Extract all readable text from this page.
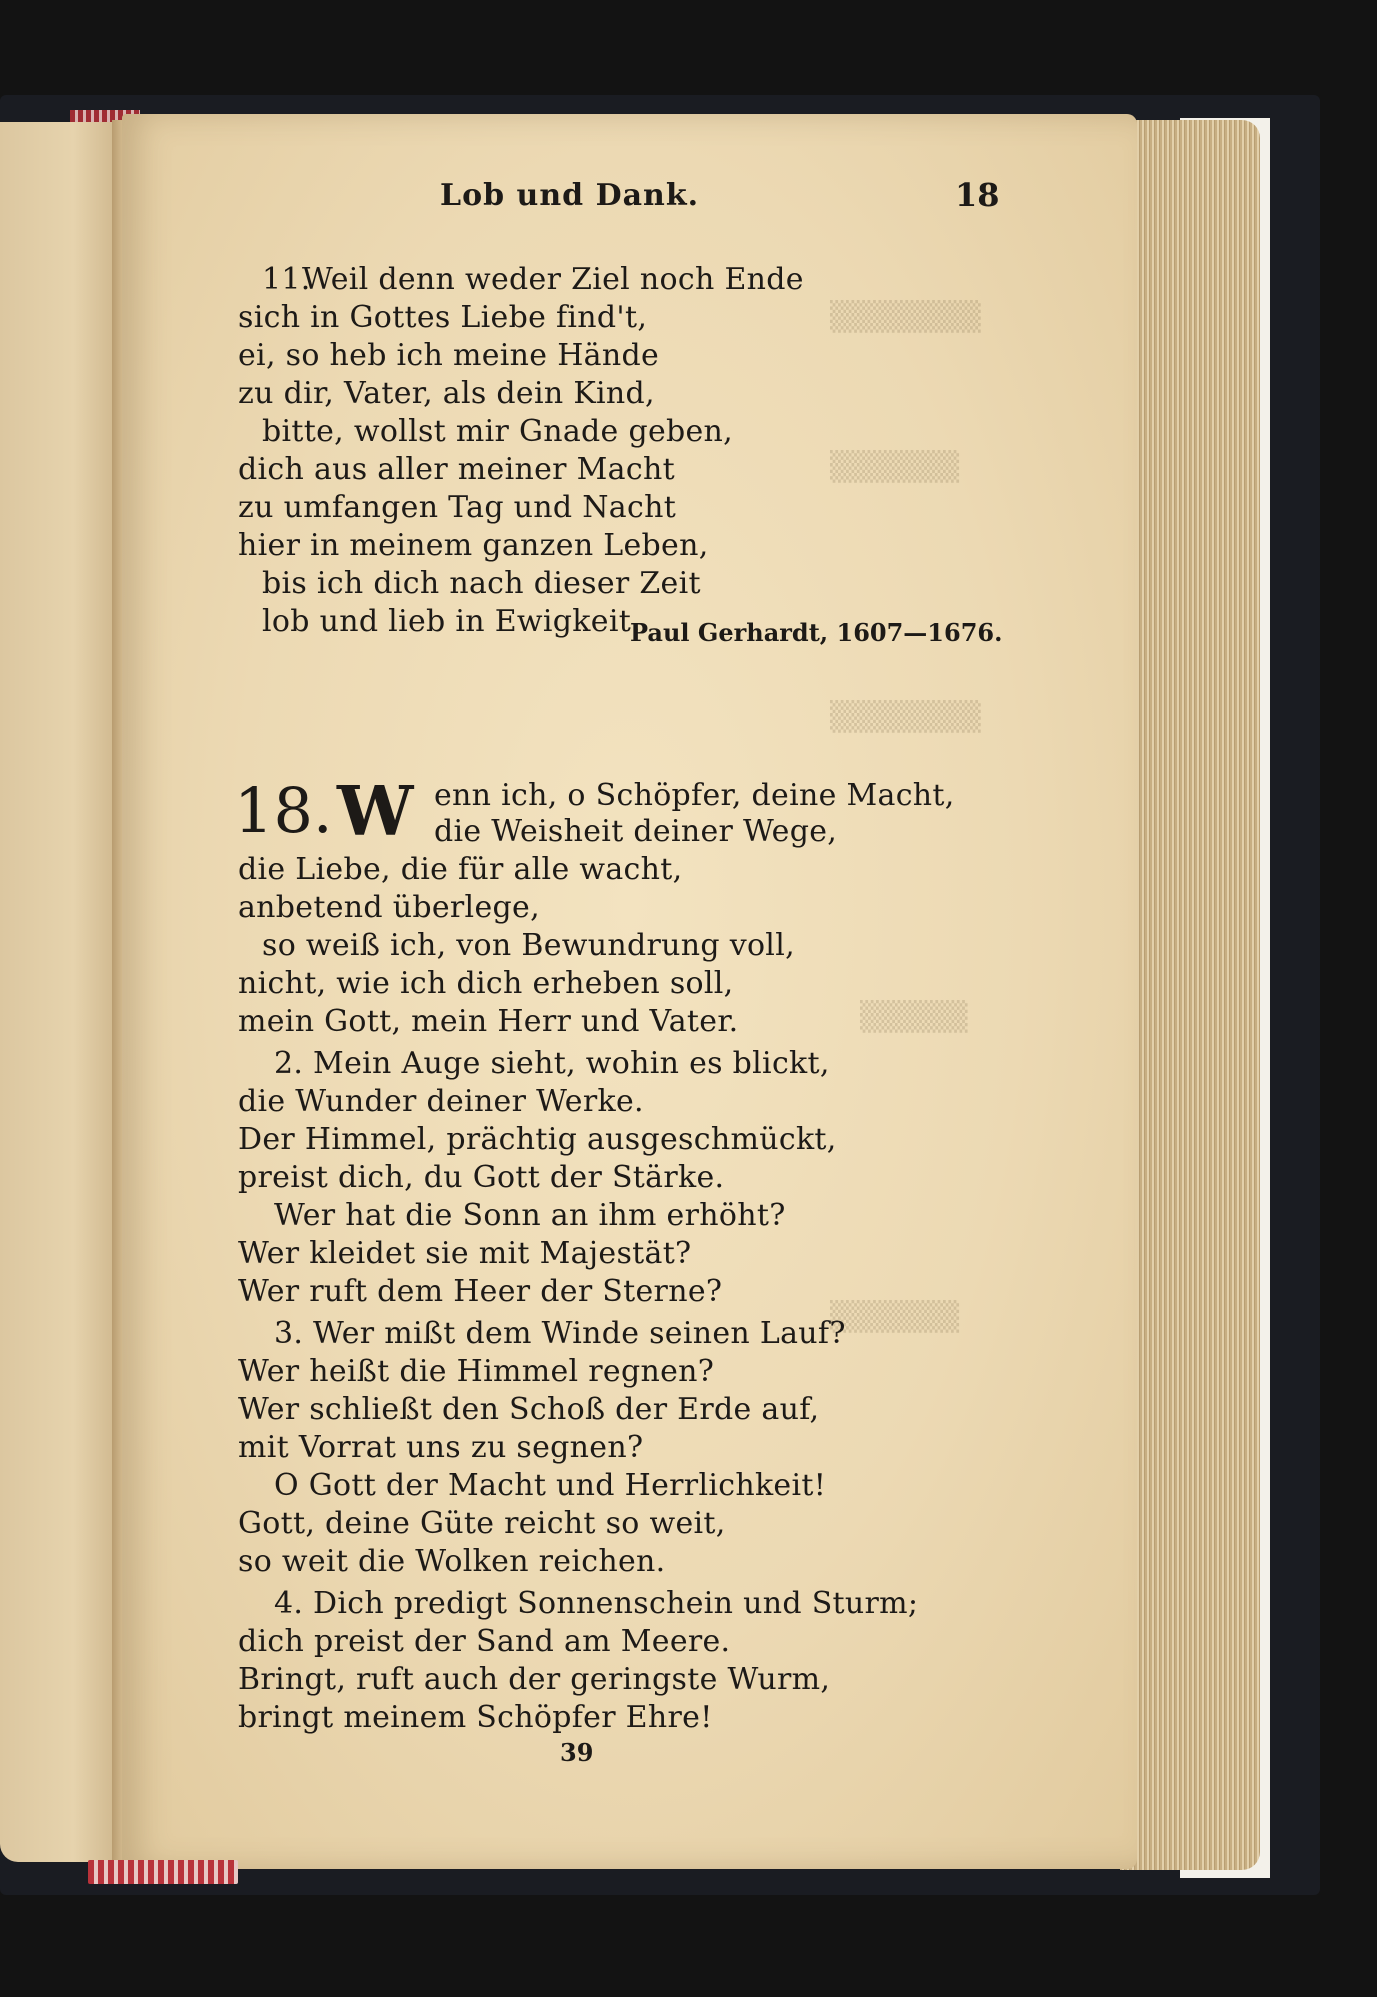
▒▒▒▒▒▒▒
▒▒▒▒▒▒
▒▒▒▒▒▒▒
▒▒▒▒▒
▒▒▒▒▒▒
Lob und Dank.	18
11.
Weil denn weder Ziel noch Ende
sich in Gottes Liebe find't,
ei, so heb ich meine Hände
zu dir, Vater, als dein Kind,
bitte, wollst mir Gnade geben,
dich aus aller meiner Macht
zu umfangen Tag und Nacht
hier in meinem ganzen Leben,
bis ich dich nach dieser Zeit
lob und lieb in Ewigkeit.
Paul Gerhardt, 1607—1676.
18. W enn ich, o Schöpfer, deine Macht,
die Weisheit deiner Wege,
die Liebe, die für alle wacht,
anbetend überlege,
so weiß ich, von Bewundrung voll,
nicht, wie ich dich erheben soll,
mein Gott, mein Herr und Vater.
2. Mein Auge sieht, wohin es blickt,
die Wunder deiner Werke.
Der Himmel, prächtig ausgeschmückt,
preist dich, du Gott der Stärke.
Wer hat die Sonn an ihm erhöht?
Wer kleidet sie mit Majestät?
Wer ruft dem Heer der Sterne?
3. Wer mißt dem Winde seinen Lauf?
Wer heißt die Himmel regnen?
Wer schließt den Schoß der Erde auf,
mit Vorrat uns zu segnen?
O Gott der Macht und Herrlichkeit!
Gott, deine Güte reicht so weit,
so weit die Wolken reichen.
4. Dich predigt Sonnenschein und Sturm;
dich preist der Sand am Meere.
Bringt, ruft auch der geringste Wurm,
bringt meinem Schöpfer Ehre!
39
